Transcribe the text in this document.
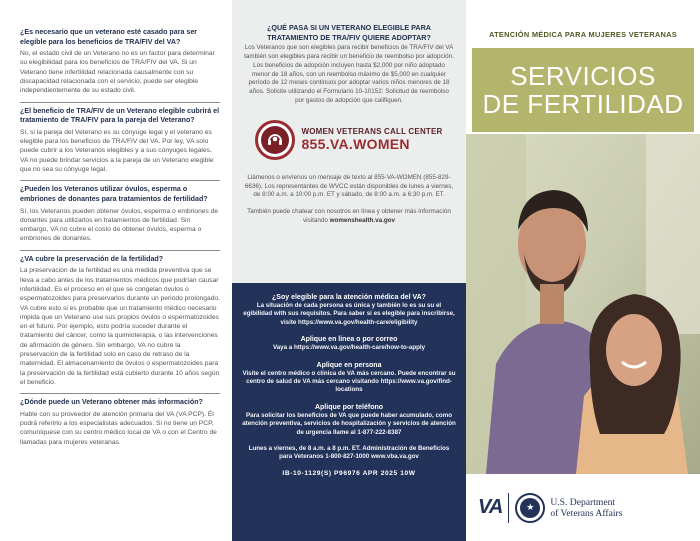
¿Es necesario que un veterano esté casado para ser elegible para los beneficios de TRA/FIV del VA?
No, el estado civil de un Veterano no es un factor para determinar su elegibilidad para los beneficios de TRA/FIV del VA. Si un Veterano tiene infertilidad relacionada causalmente con su discapacidad relacionada con el servicio, puede ser elegible independientemente de su estado civil.
¿El beneficio de TRA/FIV de un Veterano elegible cubrirá el tratamiento de TRA/FIV para la pareja del Veterano?
Sí, si la pareja del Veterano es su cónyuge legal y el veterano es elegible para los beneficios de TRA/FIV del VA. Por ley, VA solo puede cubrir a los Veteranos elegibles y a sus cónyuges legales. VA no puede brindar servicios a la pareja de un Veterano elegible que no sea su cónyuge legal.
¿Pueden los Veteranos utilizar óvulos, esperma o embriones de donantes para tratamientos de fertilidad?
Sí, los Veteranos pueden obtener óvulos, esperma o embriones de donantes para utilizarlos en tratamientos de fertilidad. Sin embargo, VA no cubre el costo de obtener óvulos, esperma o embriones de donantes.
¿VA cubre la preservación de la fertilidad?
La preservación de la fertilidad es una medida preventiva que se lleva a cabo antes de los tratamientos médicos que podrían causar infertilidad. Es el proceso en el que se congelan óvulos o espermatozoides para preservarlos durante un periodo prolongado. VA cubre esto si es probable que un tratamiento médico necesario impida que un Veterano use sus propios óvulos o espermatozoides en el futuro. Por ejemplo, esto podría suceder durante el tratamiento del cáncer, como la quimioterapia, o las intervenciones de afirmación de género. Sin embargo, VA no cubre la preservación de la fertilidad solo en caso de retraso de la maternidad. El almacenamiento de óvulos o espermatozoides para la preservación de la fertilidad está cubierto durante 10 años según el beneficio.
¿Dónde puede un Veterano obtener más información?
Hable con su proveedor de atención primaria del VA (VA PCP). Él podrá referirlo a los especialistas adecuados. Si no tiene un PCP, comuníquese con su centro médico local de VA o con el Centro de llamadas para mujeres veteranas.
¿QUÉ PASA SI UN VETERANO ELEGIBLE PARA TRATAMIENTO DE TRA/FIV QUIERE ADOPTAR?
Los Veteranos que son elegibles para recibir beneficios de TRA/FIV del VA también son elegibles para recibir un beneficio de reembolso por adopción. Los beneficios de adopción incluyen hasta $2,000 por niño adoptado menor de 18 años, con un reembolso máximo de $5,000 en cualquier período de 12 meses continuos por adoptar varios niños menores de 18 años. Solicite utilizando el Formulario 10-10152: Solicitud de reembolso por gastos de adopción que califiquen.
WOMEN VETERANS CALL CENTER
855.VA.WOMEN
Llámenos o envíenos un mensaje de texto al 855-VA-WOMEN (855-829-6636). Los representantes de WVCC están disponibles de lunes a viernes, de 8:00 a.m. a 10:00 p.m. ET y sábado, de 8:00 a.m. a 6:30 p.m. ET.
También puede chatear con nosotros en línea y obtener más información visitando womenshealth.va.gov
¿Soy elegible para la atención médica del VA?
La situación de cada persona es única y también lo es su su el egibilidad with sus requisitos. Para saber si es elegible para inscribirse, visite https://www.va.gov/health-care/eligibility
Aplique en línea o por correo
Vaya a https://www.va.gov/health-care/how-to-apply
Aplique en persona
Visite el centro médico o clínica de VA más cercano. Puede encontrar su centro de salud de VA más cercano visitando https://www.va.gov/find-locations
Aplique por teléfono
Para solicitar los beneficios de VA que puede haber acumulado, como atención preventiva, servicios de hospitalización y servicios de atención de urgencia llame al 1-877-222-8387
Lunes a viernes, de 8 a.m. a 8 p.m. ET. Administración de Beneficios para Veteranos 1-800-827-1000 www.vba.va.gov
IB-10-1129(S) P96976 APR 2025 10W
ATENCIÓN MÉDICA PARA MUJERES VETERANAS
SERVICIOS
DE FERTILIDAD
VA	★	U.S. Department
of Veterans Affairs
